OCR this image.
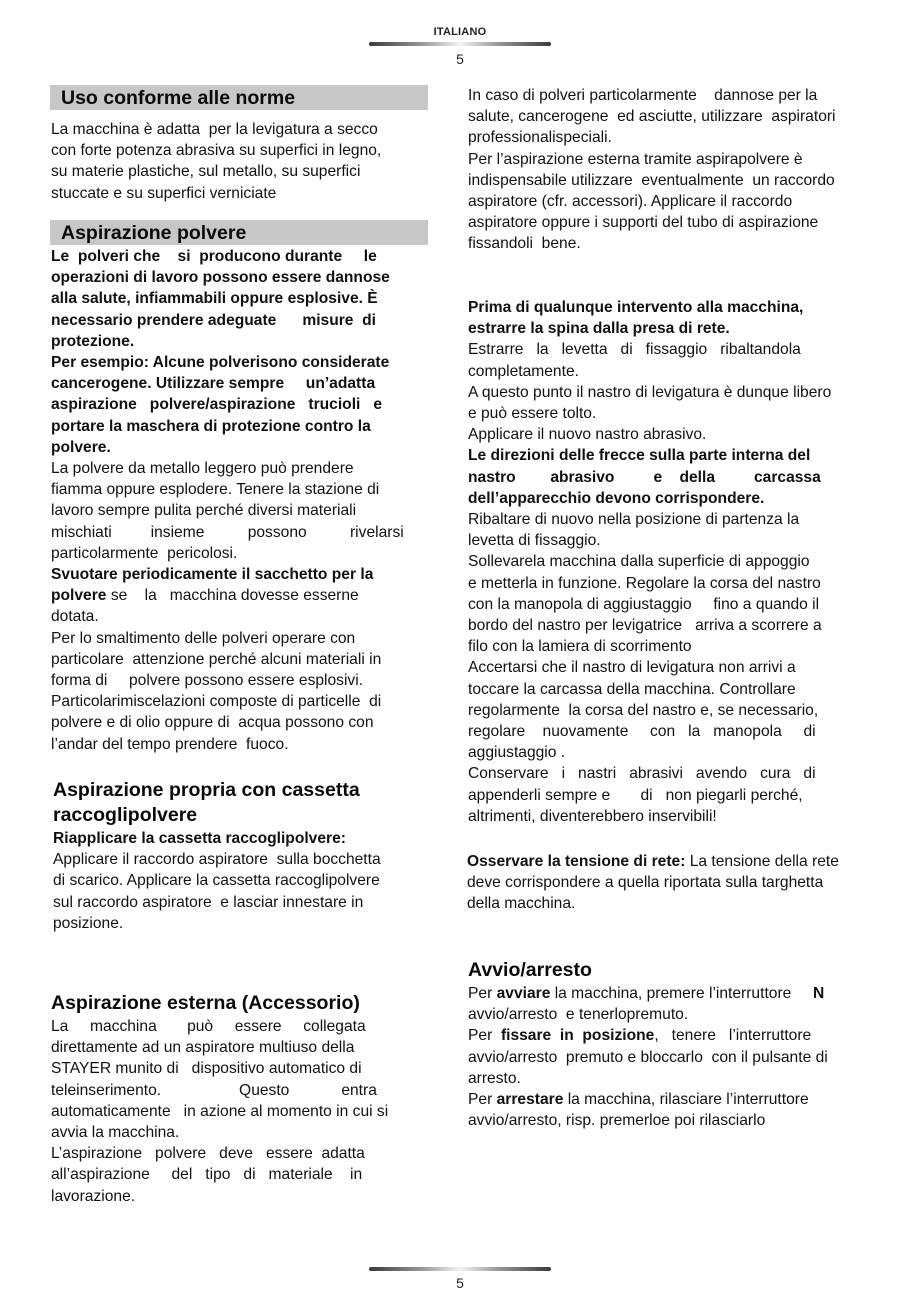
ITALIANO
5
Uso conforme alle norme
La macchina è adatta  per la levigatura a secco
con forte potenza abrasiva su superfici in legno,
su materie plastiche, sul metallo, su superfici
stuccate e su superfici verniciate
Aspirazione polvere
Le  polveri che    si  producono durante     le
operazioni di lavoro possono essere dannose
alla salute, infiammabili oppure esplosive. È
necessario prendere adeguate      misure  di
protezione.
Per esempio: Alcune polverisono considerate
cancerogene. Utilizzare sempre     un’adatta
aspirazione   polvere/aspirazione   trucioli   e
portare la maschera di protezione contro la
polvere.
La polvere da metallo leggero può prendere
fiamma oppure esplodere. Tenere la stazione di
lavoro sempre pulita perché diversi materiali
mischiati         insieme          possono          rivelarsi
particolarmente  pericolosi.
Svuotare periodicamente il sacchetto per la
polvere se    la   macchina dovesse esserne
dotata.
Per lo smaltimento delle polveri operare con
particolare  attenzione perché alcuni materiali in
forma di     polvere possono essere esplosivi.
Particolarimiscelazioni composte di particelle  di
polvere e di olio oppure di  acqua possono con
l’andar del tempo prendere  fuoco.
Aspirazione propria con cassetta
raccoglipolvere
Riapplicare la cassetta raccoglipolvere:
Applicare il raccordo aspiratore  sulla bocchetta
di scarico. Applicare la cassetta raccoglipolvere
sul raccordo aspiratore  e lasciar innestare in
posizione.
Aspirazione esterna (Accessorio)
La     macchina       può     essere     collegata
direttamente ad un aspiratore multiuso della
STAYER munito di   dispositivo automatico di
teleinserimento.                  Questo            entra
automaticamente   in azione al momento in cui si
avvia la macchina.
L’aspirazione   polvere   deve   essere  adatta
all’aspirazione     del   tipo   di   materiale    in
lavorazione.
In caso di polveri particolarmente    dannose per la
salute, cancerogene  ed asciutte, utilizzare  aspiratori
professionalispeciali.
Per l’aspirazione esterna tramite aspirapolvere è
indispensabile utilizzare  eventualmente  un raccordo
aspiratore (cfr. accessori). Applicare il raccordo
aspiratore oppure i supporti del tubo di aspirazione
fissandoli  bene.
Prima di qualunque intervento alla macchina,
estrarre la spina dalla presa di rete.
Estrarre   la   levetta   di   fissaggio   ribaltandola
completamente.
A questo punto il nastro di levigatura è dunque libero
e può essere tolto.
Applicare il nuovo nastro abrasivo.
Le direzioni delle frecce sulla parte interna del
nastro        abrasivo         e    della         carcassa
dell’apparecchio devono corrispondere.
Ribaltare di nuovo nella posizione di partenza la
levetta di fissaggio.
Sollevarela macchina dalla superficie di appoggio
e metterla in funzione. Regolare la corsa del nastro
con la manopola di aggiustaggio     fino a quando il
bordo del nastro per levigatrice   arriva a scorrere a
filo con la lamiera di scorrimento
Accertarsi che il nastro di levigatura non arrivi a
toccare la carcassa della macchina. Controllare
regolarmente  la corsa del nastro e, se necessario,
regolare    nuovamente     con   la   manopola     di
aggiustaggio .
Conservare   i   nastri   abrasivi   avendo   cura   di
appenderli sempre e       di   non piegarli perché,
altrimenti, diventerebbero inservibili!
Osservare la tensione di rete: La tensione della rete
deve corrispondere a quella riportata sulla targhetta
della macchina.
Avvio/arresto
Per avviare la macchina, premere l’interruttore     N
avvio/arresto  e tenerlopremuto.
Per  fissare  in  posizione,   tenere   l’interruttore
avvio/arresto  premuto e bloccarlo  con il pulsante di
arresto.
Per arrestare la macchina, rilasciare l’interruttore
avvio/arresto, risp. premerloe poi rilasciarlo
5
